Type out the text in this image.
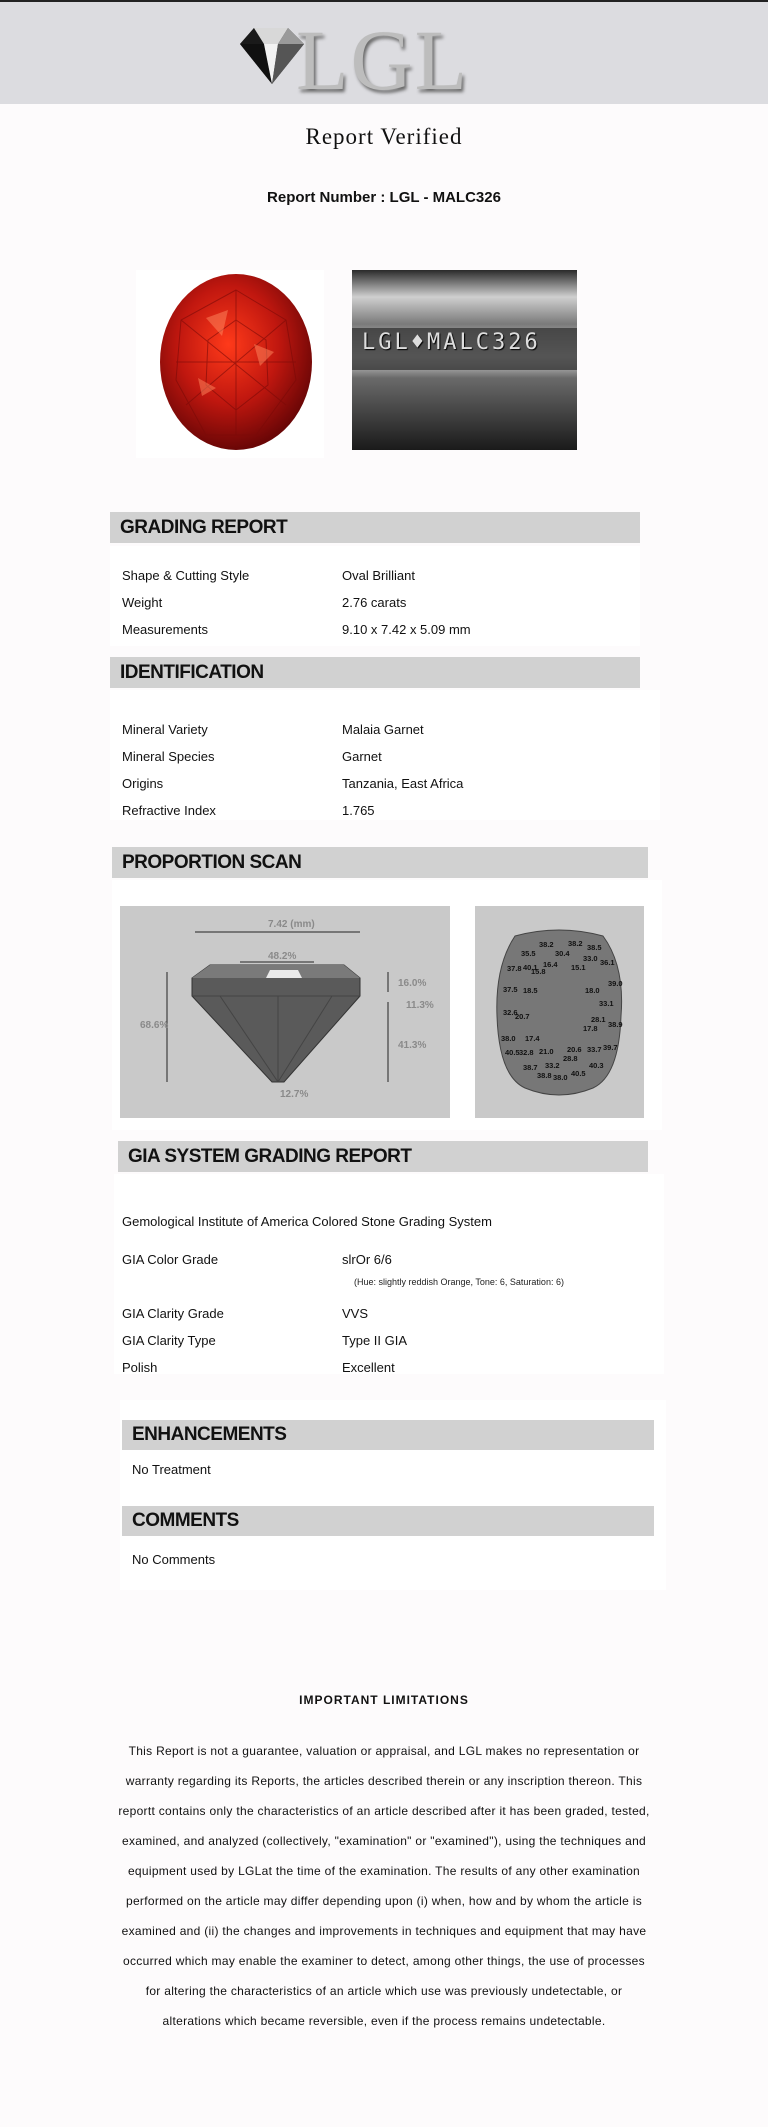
LGL
Report Verified
Report Number : LGL - MALC326
LGL♦MALC326
GRADING REPORT
Shape & Cutting Style	Oval Brilliant
Weight	2.76 carats
Measurements	9.10 x 7.42 x 5.09 mm
IDENTIFICATION
Mineral Variety	Malaia Garnet
Mineral Species	Garnet
Origins	Tanzania, East Africa
Refractive Index	1.765
PROPORTION SCAN
7.42 (mm)
48.2%
68.6%
16.0%
11.3%
41.3%
12.7%
38.2 38.2 38.5
35.5	30.4
33.0 36.1
37.8 40.1 16.4 15.1
15.8
39.0
37.5 18.5	18.0
33.1
32.6
20.7	28.1
38.9
17.8
38.0 17.4
40.5 32.8 21.0 20.6 33.7 39.7
28.8
38.7 33.2	40.3
38.8 38.0 40.5
GIA SYSTEM GRADING REPORT
Gemological Institute of America Colored Stone Grading System
GIA Color Grade	slrOr 6/6
(Hue: slightly reddish Orange, Tone: 6, Saturation: 6)
GIA Clarity Grade	VVS
GIA Clarity Type	Type II GIA
Polish	Excellent
ENHANCEMENTS
No Treatment
COMMENTS
No Comments
IMPORTANT LIMITATIONS
This Report is not a guarantee, valuation or appraisal, and LGL makes no representation or warranty regarding its Reports, the articles described therein or any inscription thereon. This reportt contains only the characteristics of an article described after it has been graded, tested, examined, and analyzed (collectively, "examination" or "examined"), using the techniques and equipment used by LGLat the time of the examination. The results of any other examination performed on the article may differ depending upon (i) when, how and by whom the article is examined and (ii) the changes and improvements in techniques and equipment that may have occurred which may enable the examiner to detect, among other things, the use of processes for altering the characteristics of an article which use was previously undetectable, or alterations which became reversible, even if the process remains undetectable.
